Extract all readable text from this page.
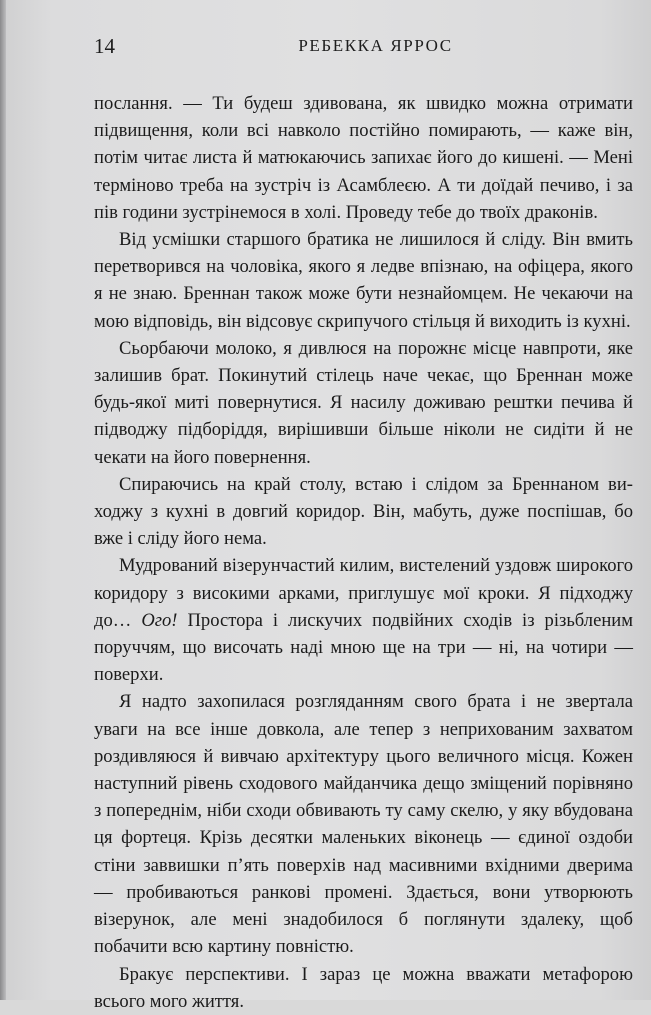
14	РЕБЕККА ЯРРОС

послання. — Ти будеш здивована, як швидко можна отримати підвищення, коли всі навколо постійно помирають, — каже він, потім читає листа й матюкаючись запихає його до кишені. — Мені терміново треба на зустріч із Асамблеєю. А ти доїдай печиво, і за пів години зустрінемося в холі. Проведу тебе до твоїх драконів.

Від усмішки старшого братика не лишилося й сліду. Він вмить перетворився на чоловіка, якого я ледве впізнаю, на офіцера, якого я не знаю. Бреннан також може бути незнайомцем. Не чекаючи на мою відповідь, він відсовує скрипучого стільця й виходить із кухні.

Сьорбаючи молоко, я дивлюся на порожнє місце навпроти, яке залишив брат. Покинутий стілець наче чекає, що Бреннан може будь-якої миті повернутися. Я насилу доживаю рештки печива й підводжу підборіддя, вирішивши більше ніколи не сидіти й не чекати на його повернення.

Спираючись на край столу, встаю і слідом за Бреннаном виходжу з кухні в довгий коридор. Він, мабуть, дуже поспішав, бо вже і сліду його нема.

Мудрований візерунчастий килим, вистелений уздовж широкого коридору з високими арками, приглушує мої кроки. Я підходжу до… Ого! Простора і лискучих подвійних сходів із різьбленим поруччям, що височать наді мною ще на три — ні, на чотири — поверхи.

Я надто захопилася розгляданням свого брата і не звертала уваги на все інше довкола, але тепер з неприхованим захватом роздивляюся й вивчаю архітектуру цього величного місця. Кожен наступний рівень сходового майданчика дещо зміщений порівняно з попереднім, ніби сходи обвивають ту саму скелю, у яку вбудована ця фортеця. Крізь десятки маленьких віконець — єдиної оздоби стіни заввишки п’ять поверхів над масивними вхідними дверима — пробиваються ранкові промені. Здається, вони утворюють візерунок, але мені знадобилося б поглянути здалеку, щоб побачити всю картину повністю.

Бракує перспективи. І зараз це можна вважати метафорою всього мого життя.
